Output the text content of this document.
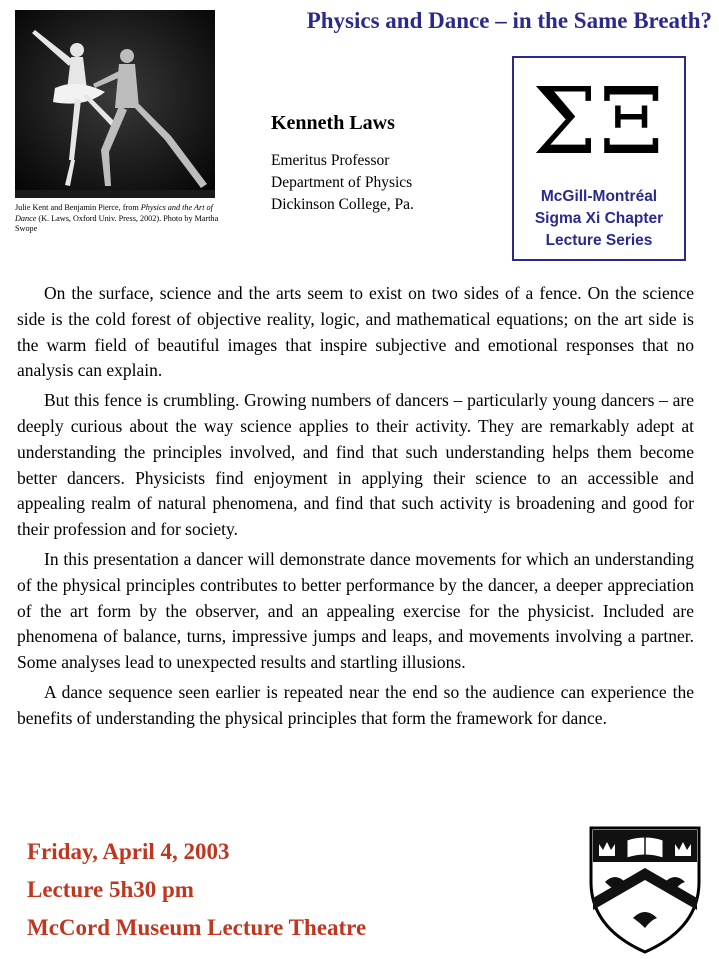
Physics and Dance – in the Same Breath?
Julie Kent and Benjamin Pierce, from Physics and the Art of Dance (K. Laws, Oxford Univ. Press, 2002). Photo by Martha Swope
Kenneth Laws
Emeritus Professor
Department of Physics
Dickinson College, Pa.
ΣΞ
McGill-Montréal
Sigma Xi Chapter
Lecture Series

On the surface, science and the arts seem to exist on two sides of a fence. On the science side is the cold forest of objective reality, logic, and mathematical equations; on the art side is the warm field of beautiful images that inspire subjective and emotional responses that no analysis can explain.

But this fence is crumbling. Growing numbers of dancers – particularly young dancers – are deeply curious about the way science applies to their activity. They are remarkably adept at understanding the principles involved, and find that such understanding helps them become better dancers. Physicists find enjoyment in applying their science to an accessible and appealing realm of natural phenomena, and find that such activity is broadening and good for their profession and for society.

In this presentation a dancer will demonstrate dance movements for which an understanding of the physical principles contributes to better performance by the dancer, a deeper appreciation of the art form by the observer, and an appealing exercise for the physicist. Included are phenomena of balance, turns, impressive jumps and leaps, and movements involving a partner. Some analyses lead to unexpected results and startling illusions.

A dance sequence seen earlier is repeated near the end so the audience can experience the benefits of understanding the physical principles that form the framework for dance.

Friday, April 4, 2003
Lecture 5h30 pm
McCord Museum Lecture Theatre
